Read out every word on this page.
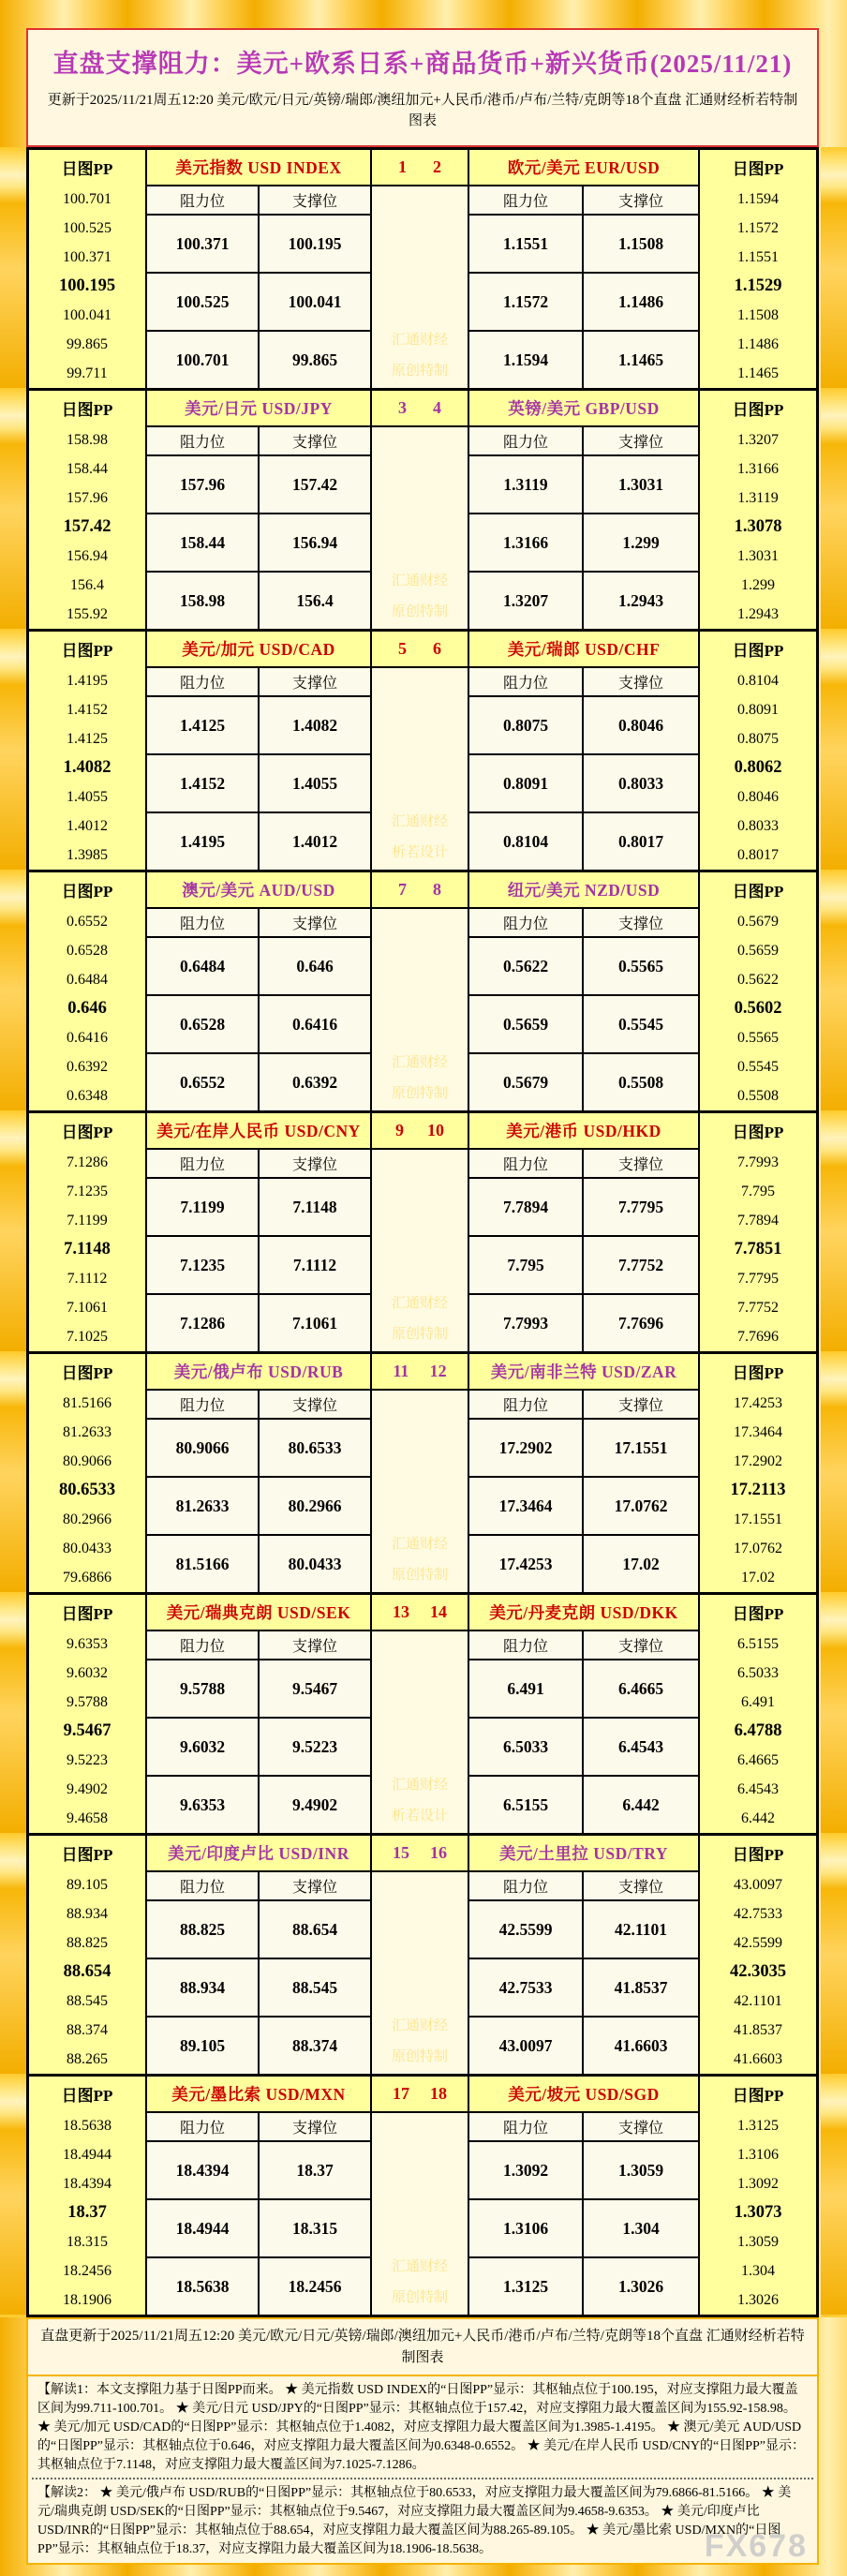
直盘支撑阻力：美元+欧系日系+商品货币+新兴货币(2025/11/21)
更新于2025/11/21周五12:20 美元/欧元/日元/英镑/瑞郎/澳纽加元+人民币/港币/卢布/兰特/克朗等18个直盘 汇通财经析若特制图表
日图PP
100.701
100.525
100.371
100.195
100.041
99.865
99.711
日图PP
1.1594
1.1572
1.1551
1.1529
1.1508
1.1486
1.1465
美元指数 USD INDEX	欧元/美元 EUR/USD
1 2
阻力位	支撑位	阻力位	支撑位
100.371	100.195
100.525	100.041
100.701	99.865
1.1551	1.1508
1.1572	1.1486
1.1594	1.1465
汇通财经
原创特制
日图PP
158.98
158.44
157.96
157.42
156.94
156.4
155.92
日图PP
1.3207
1.3166
1.3119
1.3078
1.3031
1.299
1.2943
美元/日元 USD/JPY	英镑/美元 GBP/USD
3 4
阻力位	支撑位	阻力位	支撑位
157.96	157.42
158.44	156.94
158.98	156.4
1.3119	1.3031
1.3166	1.299
1.3207	1.2943
汇通财经
原创特制
日图PP
1.4195
1.4152
1.4125
1.4082
1.4055
1.4012
1.3985
日图PP
0.8104
0.8091
0.8075
0.8062
0.8046
0.8033
0.8017
美元/加元 USD/CAD	美元/瑞郎 USD/CHF
5 6
阻力位	支撑位	阻力位	支撑位
1.4125	1.4082
1.4152	1.4055
1.4195	1.4012
0.8075	0.8046
0.8091	0.8033
0.8104	0.8017
汇通财经
析若设计
日图PP
0.6552
0.6528
0.6484
0.646
0.6416
0.6392
0.6348
日图PP
0.5679
0.5659
0.5622
0.5602
0.5565
0.5545
0.5508
澳元/美元 AUD/USD	纽元/美元 NZD/USD
7 8
阻力位	支撑位	阻力位	支撑位
0.6484	0.646
0.6528	0.6416
0.6552	0.6392
0.5622	0.5565
0.5659	0.5545
0.5679	0.5508
汇通财经
原创特制
日图PP
7.1286
7.1235
7.1199
7.1148
7.1112
7.1061
7.1025
日图PP
7.7993
7.795
7.7894
7.7851
7.7795
7.7752
7.7696
美元/在岸人民币 USD/CNY	美元/港币 USD/HKD
9 10
阻力位	支撑位	阻力位	支撑位
7.1199	7.1148
7.1235	7.1112
7.1286	7.1061
7.7894	7.7795
7.795	7.7752
7.7993	7.7696
汇通财经
原创特制
日图PP
81.5166
81.2633
80.9066
80.6533
80.2966
80.0433
79.6866
日图PP
17.4253
17.3464
17.2902
17.2113
17.1551
17.0762
17.02
美元/俄卢布 USD/RUB	美元/南非兰特 USD/ZAR
11 12
阻力位	支撑位	阻力位	支撑位
80.9066	80.6533
81.2633	80.2966
81.5166	80.0433
17.2902	17.1551
17.3464	17.0762
17.4253	17.02
汇通财经
原创特制
日图PP
9.6353
9.6032
9.5788
9.5467
9.5223
9.4902
9.4658
日图PP
6.5155
6.5033
6.491
6.4788
6.4665
6.4543
6.442
美元/瑞典克朗 USD/SEK	美元/丹麦克朗 USD/DKK
13 14
阻力位	支撑位	阻力位	支撑位
9.5788	9.5467
9.6032	9.5223
9.6353	9.4902
6.491	6.4665
6.5033	6.4543
6.5155	6.442
汇通财经
析若设计
日图PP
89.105
88.934
88.825
88.654
88.545
88.374
88.265
日图PP
43.0097
42.7533
42.5599
42.3035
42.1101
41.8537
41.6603
美元/印度卢比 USD/INR	美元/土里拉 USD/TRY
15 16
阻力位	支撑位	阻力位	支撑位
88.825	88.654
88.934	88.545
89.105	88.374
42.5599	42.1101
42.7533	41.8537
43.0097	41.6603
汇通财经
原创特制
日图PP
18.5638
18.4944
18.4394
18.37
18.315
18.2456
18.1906
日图PP
1.3125
1.3106
1.3092
1.3073
1.3059
1.304
1.3026
美元/墨比索 USD/MXN	美元/坡元 USD/SGD
17 18
阻力位	支撑位	阻力位	支撑位
18.4394	18.37
18.4944	18.315
18.5638	18.2456
1.3092	1.3059
1.3106	1.304
1.3125	1.3026
汇通财经
原创特制
直盘更新于2025/11/21周五12:20 美元/欧元/日元/英镑/瑞郎/澳纽加元+人民币/港币/卢布/兰特/克朗等18个直盘 汇通财经析若特制图表
【解读1：本文支撑阻力基于日图PP而来。 ★ 美元指数 USD INDEX的“日图PP”显示：其枢轴点位于100.195，对应支撑阻力最大覆盖区间为99.711-100.701。 ★ 美元/日元 USD/JPY的“日图PP”显示：其枢轴点位于157.42，对应支撑阻力最大覆盖区间为155.92-158.98。 ★ 美元/加元 USD/CAD的“日图PP”显示：其枢轴点位于1.4082，对应支撑阻力最大覆盖区间为1.3985-1.4195。 ★ 澳元/美元 AUD/USD的“日图PP”显示：其枢轴点位于0.646，对应支撑阻力最大覆盖区间为0.6348-0.6552。 ★ 美元/在岸人民币 USD/CNY的“日图PP”显示：其枢轴点位于7.1148，对应支撑阻力最大覆盖区间为7.1025-7.1286。
【解读2： ★ 美元/俄卢布 USD/RUB的“日图PP”显示：其枢轴点位于80.6533，对应支撑阻力最大覆盖区间为79.6866-81.5166。 ★ 美元/瑞典克朗 USD/SEK的“日图PP”显示：其枢轴点位于9.5467，对应支撑阻力最大覆盖区间为9.4658-9.6353。 ★ 美元/印度卢比 USD/INR的“日图PP”显示：其枢轴点位于88.654，对应支撑阻力最大覆盖区间为88.265-89.105。 ★ 美元/墨比索 USD/MXN的“日图PP”显示：其枢轴点位于18.37，对应支撑阻力最大覆盖区间为18.1906-18.5638。	FX678
